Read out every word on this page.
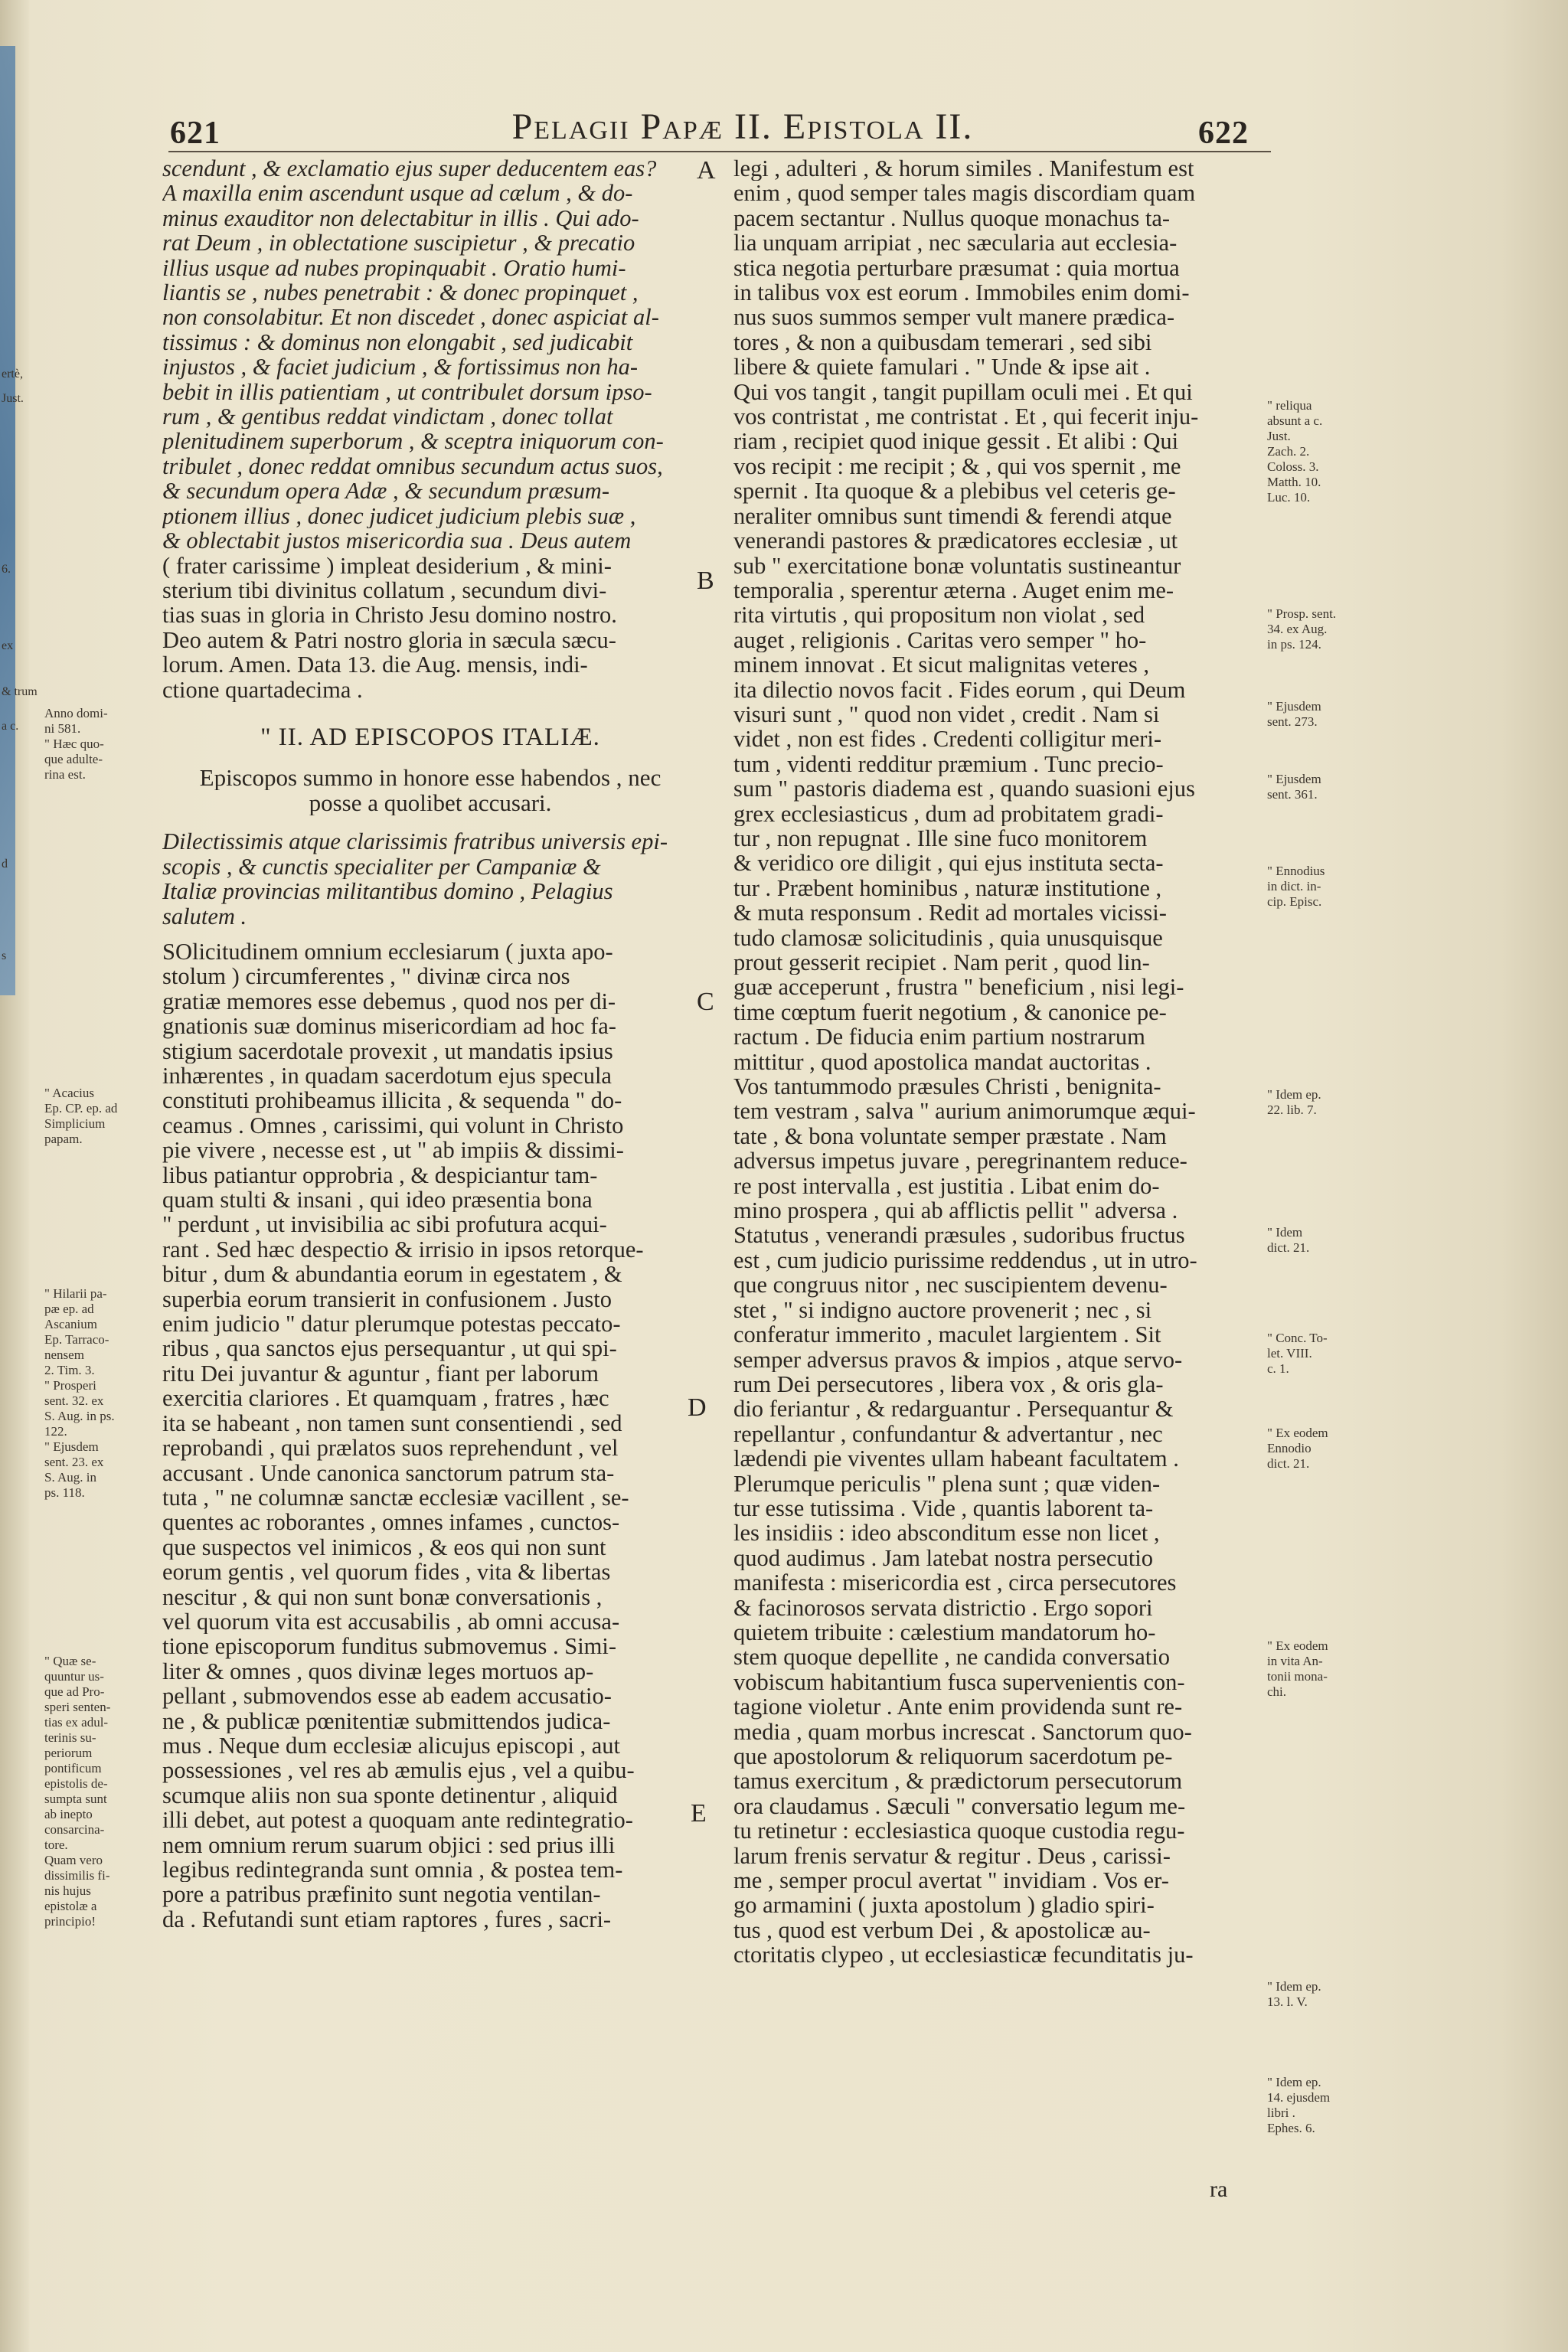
621	Pelagii Papæ II. Epistola II.	622
A
B
C
D
E
ertè,
Just.
6.
ex
& trum
a c.
d
s
Anno domi-
ni 581.
" Hæc quo-
que adulte-
rina est.
" Acacius
Ep. CP. ep. ad
Simplicium
papam.
" Hilarii pa-
pæ ep. ad
Ascanium
Ep. Tarraco-
nensem
2. Tim. 3.
" Prosperi
sent. 32. ex
S. Aug. in ps.
122.
" Ejusdem
sent. 23. ex
S. Aug. in
ps. 118.
" Quæ se-
quuntur us-
que ad Pro-
speri senten-
tias ex adul-
terinis su-
periorum
pontificum
epistolis de-
sumpta sunt
ab inepto
consarcina-
tore.
Quam vero
dissimilis fi-
nis hujus
epistolæ a
principio!
" reliqua
absunt a c.
Just.
Zach. 2.
Coloss. 3.
Matth. 10.
Luc. 10.
" Prosp. sent.
34. ex Aug.
in ps. 124.
" Ejusdem
sent. 273.
" Ejusdem
sent. 361.
" Ennodius
in dict. in-
cip. Episc.
" Idem ep.
22. lib. 7.
" Idem
dict. 21.
" Conc. To-
let. VIII.
c. 1.
" Ex eodem
Ennodio
dict. 21.
" Ex eodem
in vita An-
tonii mona-
chi.
" Idem ep.
13. l. V.
" Idem ep.
14. ejusdem
libri .
Ephes. 6.
scendunt , & exclamatio ejus super deducentem eas?
A maxilla enim ascendunt usque ad cælum , & do-
minus exauditor non delectabitur in illis . Qui ado-
rat Deum , in oblectatione suscipietur , & precatio
illius usque ad nubes propinquabit . Oratio humi-
liantis se , nubes penetrabit : & donec propinquet ,
non consolabitur. Et non discedet , donec aspiciat al-
tissimus : & dominus non elongabit , sed judicabit
injustos , & faciet judicium , & fortissimus non ha-
bebit in illis patientiam , ut contribulet dorsum ipso-
rum , & gentibus reddat vindictam , donec tollat
plenitudinem superborum , & sceptra iniquorum con-
tribulet , donec reddat omnibus secundum actus suos,
& secundum opera Adæ , & secundum præsum-
ptionem illius , donec judicet judicium plebis suæ ,
& oblectabit justos misericordia sua . Deus autem
( frater carissime ) impleat desiderium , & mini-
sterium tibi divinitus collatum , secundum divi-
tias suas in gloria in Christo Jesu domino nostro.
Deo autem & Patri nostro gloria in sæcula sæcu-
lorum. Amen. Data 13. die Aug. mensis, indi-
ctione quartadecima .
" II. AD EPISCOPOS ITALIÆ.
Episcopos summo in honore esse habendos , nec
posse a quolibet accusari.
Dilectissimis atque clarissimis fratribus universis epi-
scopis , & cunctis specialiter per Campaniæ &
Italiæ provincias militantibus domino , Pelagius
salutem .
SOlicitudinem omnium ecclesiarum ( juxta apo-
stolum ) circumferentes , " divinæ circa nos
gratiæ memores esse debemus , quod nos per di-
gnationis suæ dominus misericordiam ad hoc fa-
stigium sacerdotale provexit , ut mandatis ipsius
inhærentes , in quadam sacerdotum ejus specula
constituti prohibeamus illicita , & sequenda " do-
ceamus . Omnes , carissimi, qui volunt in Christo
pie vivere , necesse est , ut " ab impiis & dissimi-
libus patiantur opprobria , & despiciantur tam-
quam stulti & insani , qui ideo præsentia bona
" perdunt , ut invisibilia ac sibi profutura acqui-
rant . Sed hæc despectio & irrisio in ipsos retorque-
bitur , dum & abundantia eorum in egestatem , &
superbia eorum transierit in confusionem . Justo
enim judicio " datur plerumque potestas peccato-
ribus , qua sanctos ejus persequantur , ut qui spi-
ritu Dei juvantur & aguntur , fiant per laborum
exercitia clariores . Et quamquam , fratres , hæc
ita se habeant , non tamen sunt consentiendi , sed
reprobandi , qui prælatos suos reprehendunt , vel
accusant . Unde canonica sanctorum patrum sta-
tuta , " ne columnæ sanctæ ecclesiæ vacillent , se-
quentes ac roborantes , omnes infames , cunctos-
que suspectos vel inimicos , & eos qui non sunt
eorum gentis , vel quorum fides , vita & libertas
nescitur , & qui non sunt bonæ conversationis ,
vel quorum vita est accusabilis , ab omni accusa-
tione episcoporum funditus submovemus . Simi-
liter & omnes , quos divinæ leges mortuos ap-
pellant , submovendos esse ab eadem accusatio-
ne , & publicæ pœnitentiæ submittendos judica-
mus . Neque dum ecclesiæ alicujus episcopi , aut
possessiones , vel res ab æmulis ejus , vel a quibu-
scumque aliis non sua sponte detinentur , aliquid
illi debet, aut potest a quoquam ante redintegratio-
nem omnium rerum suarum objici : sed prius illi
legibus redintegranda sunt omnia , & postea tem-
pore a patribus præfinito sunt negotia ventilan-
da . Refutandi sunt etiam raptores , fures , sacri-
legi , adulteri , & horum similes . Manifestum est
enim , quod semper tales magis discordiam quam
pacem sectantur . Nullus quoque monachus ta-
lia unquam arripiat , nec sæcularia aut ecclesia-
stica negotia perturbare præsumat : quia mortua
in talibus vox est eorum . Immobiles enim domi-
nus suos summos semper vult manere prædica-
tores , & non a quibusdam temerari , sed sibi
libere & quiete famulari . " Unde & ipse ait .
Qui vos tangit , tangit pupillam oculi mei . Et qui
vos contristat , me contristat . Et , qui fecerit inju-
riam , recipiet quod inique gessit . Et alibi : Qui
vos recipit : me recipit ; & , qui vos spernit , me
spernit . Ita quoque & a plebibus vel ceteris ge-
neraliter omnibus sunt timendi & ferendi atque
venerandi pastores & prædicatores ecclesiæ , ut
sub " exercitatione bonæ voluntatis sustineantur
temporalia , sperentur æterna . Auget enim me-
rita virtutis , qui propositum non violat , sed
auget , religionis . Caritas vero semper " ho-
minem innovat . Et sicut malignitas veteres ,
ita dilectio novos facit . Fides eorum , qui Deum
visuri sunt , " quod non videt , credit . Nam si
videt , non est fides . Credenti colligitur meri-
tum , videnti redditur præmium . Tunc precio-
sum " pastoris diadema est , quando suasioni ejus
grex ecclesiasticus , dum ad probitatem gradi-
tur , non repugnat . Ille sine fuco monitorem
& veridico ore diligit , qui ejus instituta secta-
tur . Præbent hominibus , naturæ institutione ,
& muta responsum . Redit ad mortales vicissi-
tudo clamosæ solicitudinis , quia unusquisque
prout gesserit recipiet . Nam perit , quod lin-
guæ acceperunt , frustra " beneficium , nisi legi-
time cœptum fuerit negotium , & canonice pe-
ractum . De fiducia enim partium nostrarum
mittitur , quod apostolica mandat auctoritas .
Vos tantummodo præsules Christi , benignita-
tem vestram , salva " aurium animorumque æqui-
tate , & bona voluntate semper præstate . Nam
adversus impetus juvare , peregrinantem reduce-
re post intervalla , est justitia . Libat enim do-
mino prospera , qui ab afflictis pellit " adversa .
Statutus , venerandi præsules , sudoribus fructus
est , cum judicio purissime reddendus , ut in utro-
que congruus nitor , nec suscipientem devenu-
stet , " si indigno auctore provenerit ; nec , si
conferatur immerito , maculet largientem . Sit
semper adversus pravos & impios , atque servo-
rum Dei persecutores , libera vox , & oris gla-
dio feriantur , & redarguantur . Persequantur &
repellantur , confundantur & advertantur , nec
lædendi pie viventes ullam habeant facultatem .
Plerumque periculis " plena sunt ; quæ viden-
tur esse tutissima . Vide , quantis laborent ta-
les insidiis : ideo absconditum esse non licet ,
quod audimus . Jam latebat nostra persecutio
manifesta : misericordia est , circa persecutores
& facinorosos servata districtio . Ergo sopori
quietem tribuite : cælestium mandatorum ho-
stem quoque depellite , ne candida conversatio
vobiscum habitantium fusca supervenientis con-
tagione violetur . Ante enim providenda sunt re-
media , quam morbus increscat . Sanctorum quo-
que apostolorum & reliquorum sacerdotum pe-
tamus exercitum , & prædictorum persecutorum
ora claudamus . Sæculi " conversatio legum me-
tu retinetur : ecclesiastica quoque custodia regu-
larum frenis servatur & regitur . Deus , carissi-
me , semper procul avertat " invidiam . Vos er-
go armamini ( juxta apostolum ) gladio spiri-
tus , quod est verbum Dei , & apostolicæ au-
ctoritatis clypeo , ut ecclesiasticæ fecunditatis ju-
ra
